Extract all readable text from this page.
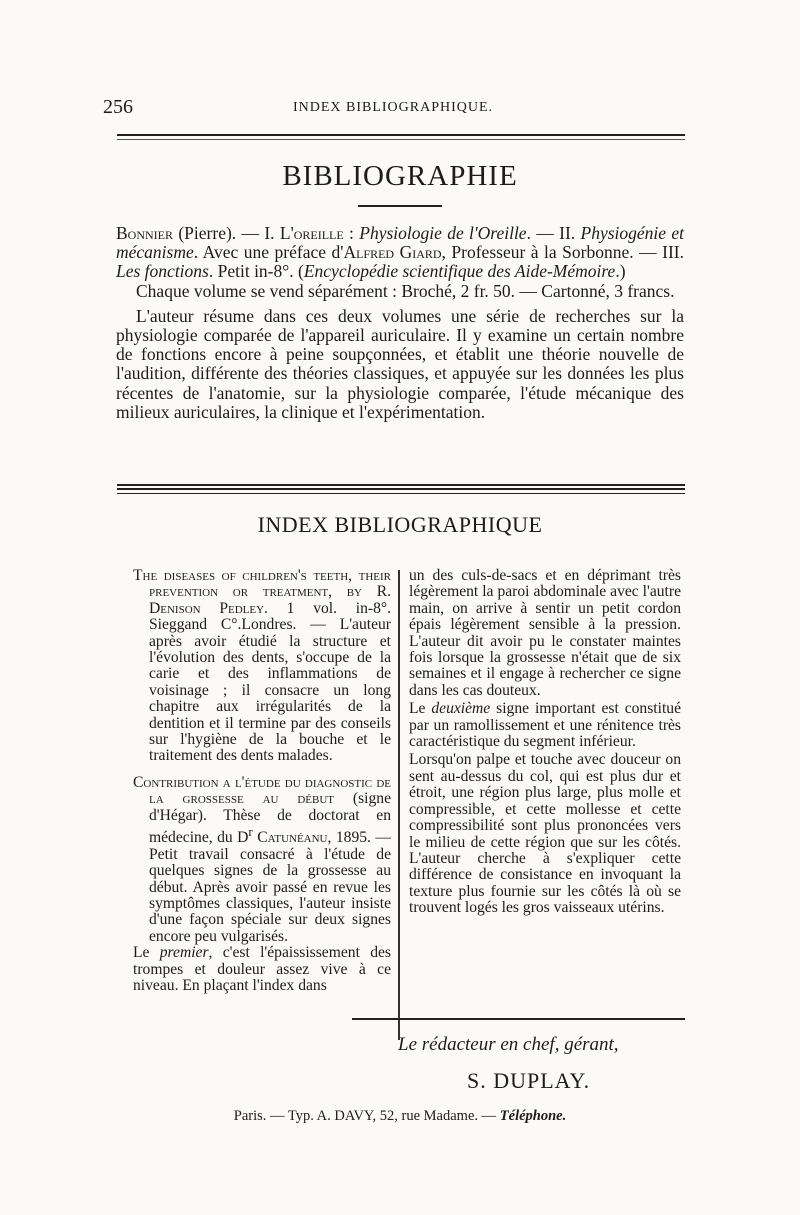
256	INDEX BIBLIOGRAPHIQUE.
BIBLIOGRAPHIE

Bonnier (Pierre). — I. L'oreille : Physiologie de l'Oreille. — II. Physiogénie et mécanisme. Avec une préface d'Alfred Giard, Professeur à la Sorbonne. — III. Les fonctions. Petit in-8°. (Encyclopédie scientifique des Aide-Mémoire.)

Chaque volume se vend séparément : Broché, 2 fr. 50. — Cartonné, 3 francs.

L'auteur résume dans ces deux volumes une série de recherches sur la physiologie comparée de l'appareil auriculaire. Il y examine un certain nombre de fonctions encore à peine soupçonnées, et établit une théorie nouvelle de l'audition, différente des théories classiques, et appuyée sur les données les plus récentes de l'anatomie, sur la physiologie comparée, l'étude mécanique des milieux auriculaires, la clinique et l'expérimentation.

INDEX BIBLIOGRAPHIQUE

The diseases of children's teeth, their prevention or treatment, by R. Denison Pedley. 1 vol. in-8°. Sieggand C°.Londres. — L'auteur après avoir étudié la structure et l'évolution des dents, s'occupe de la carie et des inflammations de voisinage ; il consacre un long chapitre aux irrégularités de la dentition et il termine par des conseils sur l'hygiène de la bouche et le traitement des dents malades.

Contribution a l'étude du diagnostic de la grossesse au début (signe d'Hégar). Thèse de doctorat en médecine, du $D^r$ Catunéanu, 1895. — Petit travail consacré à l'étude de quelques signes de la grossesse au début. Après avoir passé en revue les symptômes classiques, l'auteur insiste d'une façon spéciale sur deux signes encore peu vulgarisés.

Le premier, c'est l'épaississement des trompes et douleur assez vive à ce niveau. En plaçant l'index dans

un des culs-de-sacs et en déprimant très légèrement la paroi abdominale avec l'autre main, on arrive à sentir un petit cordon épais légèrement sensible à la pression. L'auteur dit avoir pu le constater maintes fois lorsque la grossesse n'était que de six semaines et il engage à rechercher ce signe dans les cas douteux.

Le deuxième signe important est constitué par un ramollissement et une rénitence très caractéristique du segment inférieur.

Lorsqu'on palpe et touche avec douceur on sent au-dessus du col, qui est plus dur et étroit, une région plus large, plus molle et compressible, et cette mollesse et cette compressibilité sont plus prononcées vers le milieu de cette région que sur les côtés. L'auteur cherche à s'expliquer cette différence de consistance en invoquant la texture plus fournie sur les côtés là où se trouvent logés les gros vaisseaux utérins.

Le rédacteur en chef, gérant,
S. DUPLAY.
Paris. — Typ. A. DAVY, 52, rue Madame. — Téléphone.
